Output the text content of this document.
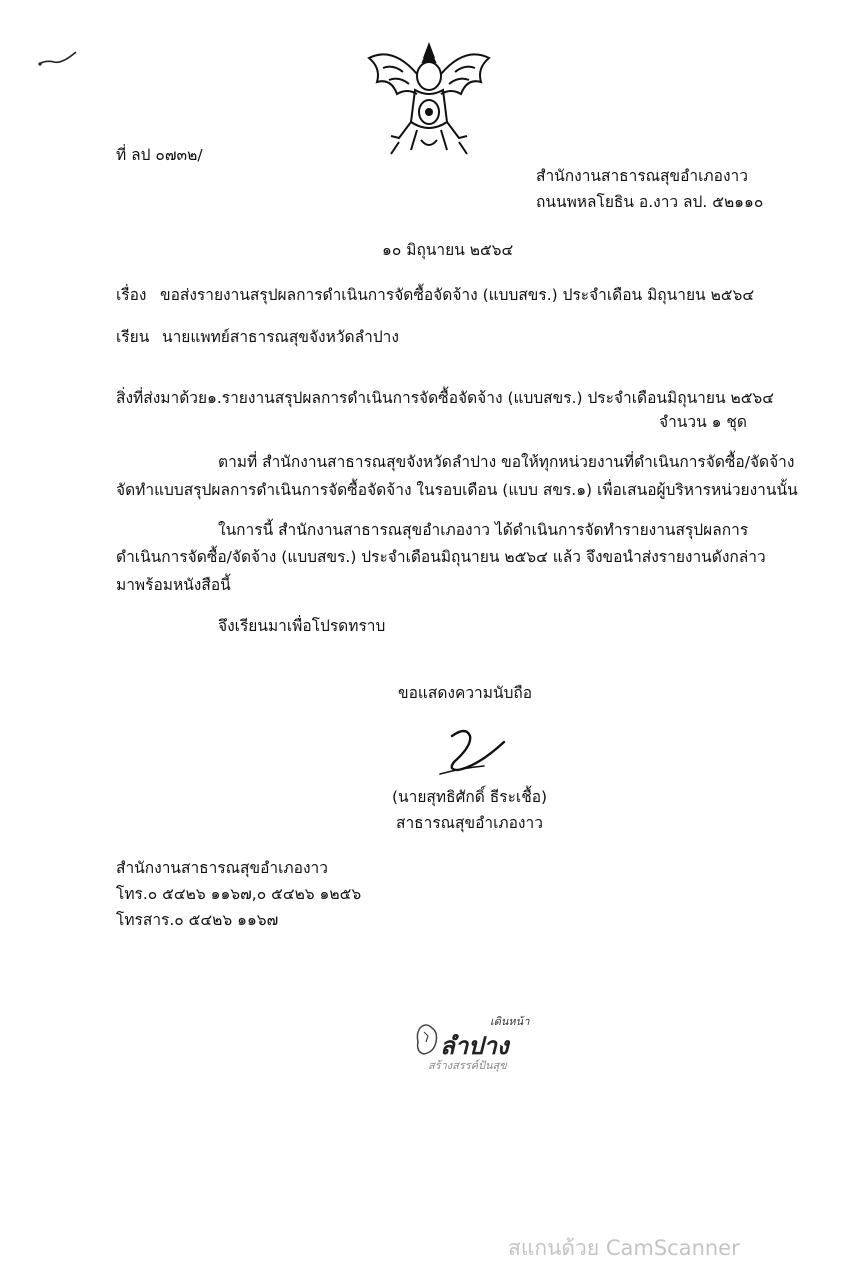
ที่ ลป ๐๗๓๒/
สำนักงานสาธารณสุขอำเภองาว
ถนนพหลโยธิน อ.งาว ลป. ๕๒๑๑๐
๑๐ มิถุนายน ๒๕๖๔
เรื่อง ขอส่งรายงานสรุปผลการดำเนินการจัดซื้อจัดจ้าง (แบบสขร.) ประจำเดือน มิถุนายน ๒๕๖๔
เรียน นายแพทย์สาธารณสุขจังหวัดลำปาง
สิ่งที่ส่งมาด้วย ๑.รายงานสรุปผลการดำเนินการจัดซื้อจัดจ้าง (แบบสขร.) ประจำเดือนมิถุนายน ๒๕๖๔
จำนวน ๑ ชุด
ตามที่ สำนักงานสาธารณสุขจังหวัดลำปาง ขอให้ทุกหน่วยงานที่ดำเนินการจัดซื้อ/จัดจ้าง
จัดทำแบบสรุปผลการดำเนินการจัดซื้อจัดจ้าง ในรอบเดือน (แบบ สขร.๑) เพื่อเสนอผู้บริหารหน่วยงานนั้น
ในการนี้ สำนักงานสาธารณสุขอำเภองาว ได้ดำเนินการจัดทำรายงานสรุปผลการ
ดำเนินการจัดซื้อ/จัดจ้าง (แบบสขร.) ประจำเดือนมิถุนายน ๒๕๖๔ แล้ว จึงขอนำส่งรายงานดังกล่าว
มาพร้อมหนังสือนี้
จึงเรียนมาเพื่อโปรดทราบ
ขอแสดงความนับถือ
(นายสุทธิศักดิ์ ธีระเชื้อ)
สาธารณสุขอำเภองาว
สำนักงานสาธารณสุขอำเภองาว
โทร.๐ ๕๔๒๖ ๑๑๖๗,๐ ๕๔๒๖ ๑๒๕๖
โทรสาร.๐ ๕๔๒๖ ๑๑๖๗
เดินหน้า
ลำปาง
สร้างสรรค์ปันสุข
สแกนด้วย CamScanner
